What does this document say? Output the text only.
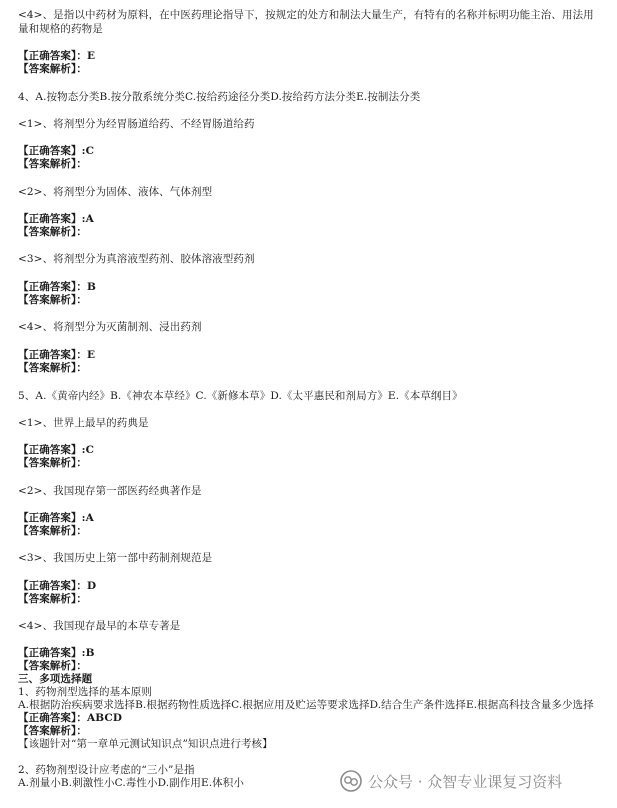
<4>、是指以中药材为原料，在中医药理论指导下，按规定的处方和制法大量生产，有特有的名称并标明功能主治、用法用量和规格的药物是
【正确答案】：E
【答案解析】：
4、A.按物态分类B.按分散系统分类C.按给药途径分类D.按给药方法分类E.按制法分类
<1>、将剂型分为经胃肠道给药、不经胃肠道给药
【正确答案】:C
【答案解析】：
<2>、将剂型分为固体、液体、气体剂型
【正确答案】:A
【答案解析】：
<3>、将剂型分为真溶液型药剂、胶体溶液型药剂
【正确答案】：B
【答案解析】：
<4>、将剂型分为灭菌制剂、浸出药剂
【正确答案】：E
【答案解析】：
5、A.《黄帝内经》B.《神农本草经》C.《新修本草》D.《太平惠民和剂局方》E.《本草纲目》
<1>、世界上最早的药典是
【正确答案】:C
【答案解析】：
<2>、我国现存第一部医药经典著作是
【正确答案】:A
【答案解析】：
<3>、我国历史上第一部中药制剂规范是
【正确答案】：D
【答案解析】：
<4>、我国现存最早的本草专著是
【正确答案】:B
【答案解析】：
三、多项选择题
1、药物剂型选择的基本原则
A.根据防治疾病要求选择B.根据药物性质选择C.根据应用及贮运等要求选择D.结合生产条件选择E.根据高科技含量多少选择
【正确答案】：ABCD
【答案解析】：
【该题针对“第一章单元测试知识点”知识点进行考核】
2、药物剂型设计应考虑的“三小”是指
A.剂量小B.刺激性小C.毒性小D.副作用E.体积小	公众号 · 众智专业课复习资料
